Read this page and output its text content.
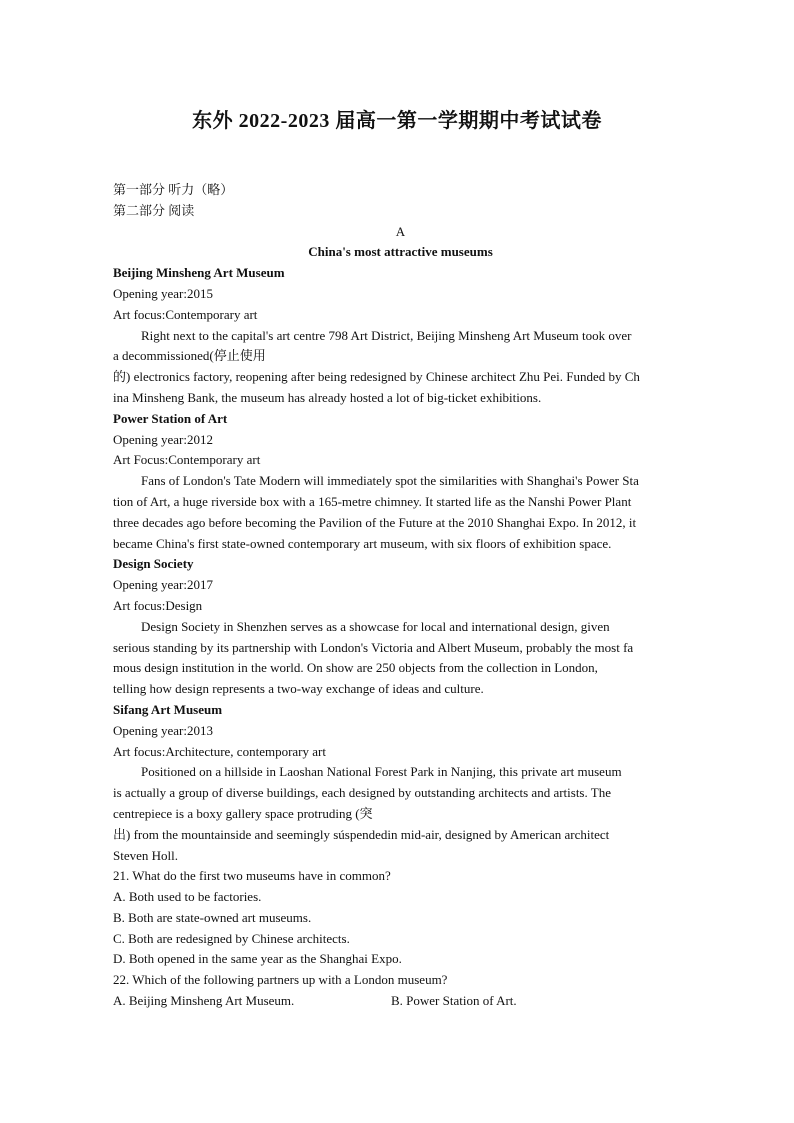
东外 2022-2023 届高一第一学期期中考试试卷
第一部分 听力（略）
第二部分 阅读
A
China's most attractive museums
Beijing Minsheng Art Museum
Opening year:2015
Art focus:Contemporary art
Right next to the capital's art centre 798 Art District, Beijing Minsheng Art Museum took over
a decommissioned(停止使用
的) electronics factory, reopening after being redesigned by Chinese architect Zhu Pei. Funded by Ch
ina Minsheng Bank, the museum has already hosted a lot of big-ticket exhibitions.
Power Station of Art
Opening year:2012
Art Focus:Contemporary art
Fans of London's Tate Modern will immediately spot the similarities with Shanghai's Power Sta
tion of Art, a huge riverside box with a 165-metre chimney. It started life as the Nanshi Power Plant
three decades ago before becoming the Pavilion of the Future at the 2010 Shanghai Expo. In 2012, it
became China's first state-owned contemporary art museum, with six floors of exhibition space.
Design Society
Opening year:2017
Art focus:Design
Design Society in Shenzhen serves as a showcase for local and international design, given
serious standing by its partnership with London's Victoria and Albert Museum, probably the most fa
mous design institution in the world. On show are 250 objects from the collection in London,
telling how design represents a two-way exchange of ideas and culture.
Sifang Art Museum
Opening year:2013
Art focus:Architecture, contemporary art
Positioned on a hillside in Laoshan National Forest Park in Nanjing, this private art museum
is actually a group of diverse buildings, each designed by outstanding architects and artists. The
centrepiece is a boxy gallery space protruding (突
出) from the mountainside and seemingly súspendedin mid-air, designed by American architect
Steven Holl.
21. What do the first two museums have in common?
A. Both used to be factories.
B. Both are state-owned art museums.
C. Both are redesigned by Chinese architects.
D. Both opened in the same year as the Shanghai Expo.
22. Which of the following partners up with a London museum?
A. Beijing Minsheng Art Museum.	B. Power Station of Art.
